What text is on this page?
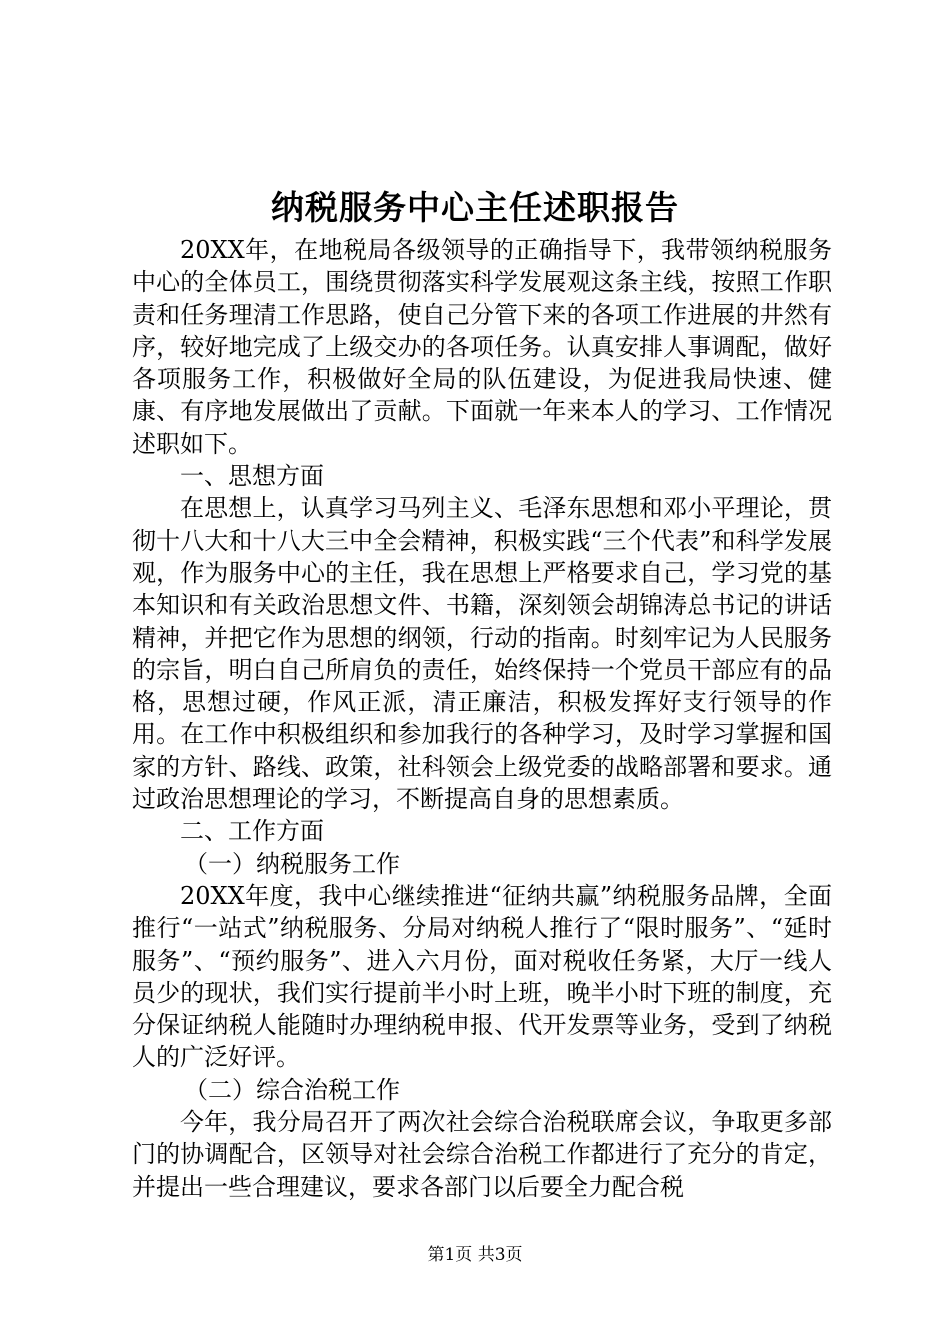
纳税服务中心主任述职报告

20XX年，在地税局各级领导的正确指导下，我带领纳税服务中心的全体员工，围绕贯彻落实科学发展观这条主线，按照工作职责和任务理清工作思路，使自己分管下来的各项工作进展的井然有序，较好地完成了上级交办的各项任务。认真安排人事调配，做好各项服务工作，积极做好全局的队伍建设，为促进我局快速、健康、有序地发展做出了贡献。下面就一年来本人的学习、工作情况述职如下。

一、思想方面

在思想上，认真学习马列主义、毛泽东思想和邓小平理论，贯彻十八大和十八大三中全会精神，积极实践“三个代表”和科学发展观，作为服务中心的主任，我在思想上严格要求自己，学习党的基本知识和有关政治思想文件、书籍，深刻领会胡锦涛总书记的讲话精神，并把它作为思想的纲领，行动的指南。时刻牢记为人民服务的宗旨，明白自己所肩负的责任，始终保持一个党员干部应有的品格，思想过硬，作风正派，清正廉洁，积极发挥好支行领导的作用。在工作中积极组织和参加我行的各种学习，及时学习掌握和国家的方针、路线、政策，社科领会上级党委的战略部署和要求。通过政治思想理论的学习，不断提高自身的思想素质。

二、工作方面

（一）纳税服务工作

20XX年度，我中心继续推进“征纳共赢”纳税服务品牌，全面推行“一站式”纳税服务、分局对纳税人推行了“限时服务”、“延时服务”、“预约服务”、进入六月份，面对税收任务紧，大厅一线人员少的现状，我们实行提前半小时上班，晚半小时下班的制度，充分保证纳税人能随时办理纳税申报、代开发票等业务，受到了纳税人的广泛好评。

（二）综合治税工作

今年，我分局召开了两次社会综合治税联席会议，争取更多部门的协调配合，区领导对社会综合治税工作都进行了充分的肯定，并提出一些合理建议，要求各部门以后要全力配合税

第1页 共3页
